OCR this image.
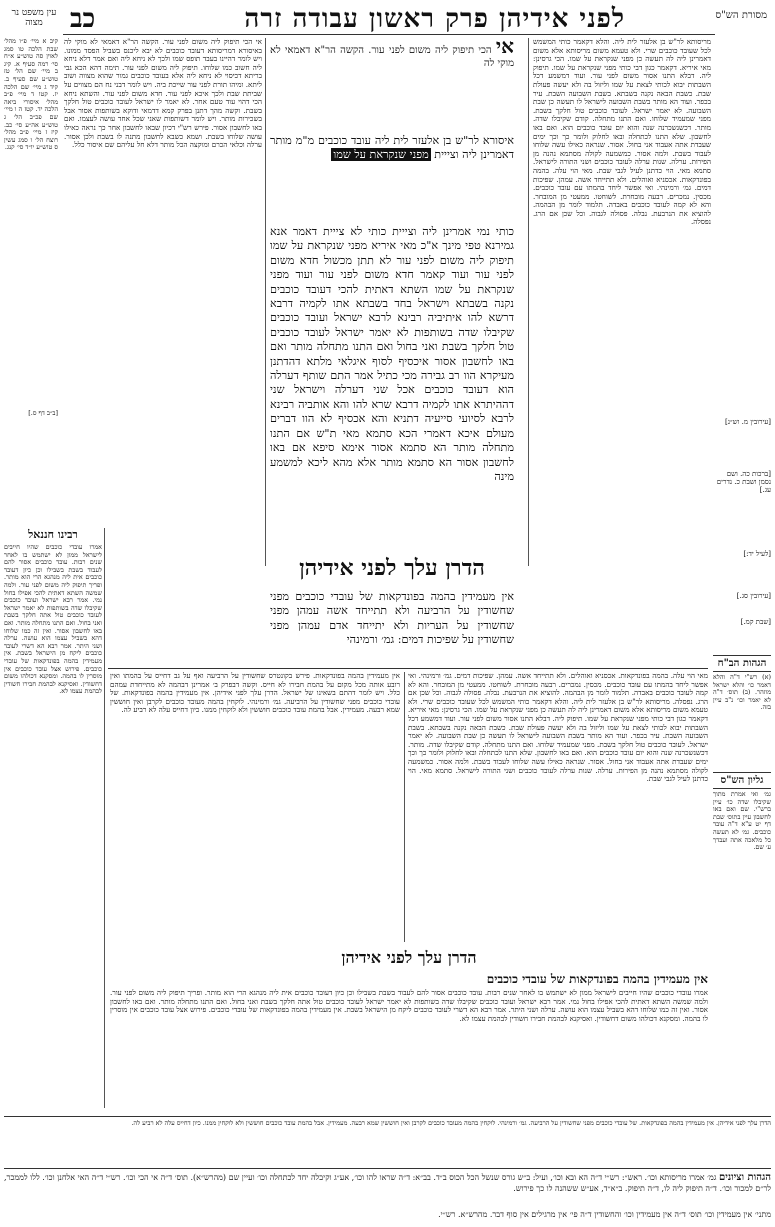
מסורת הש"ס
לפני אידיהן פרק ראשון עבודה זרה
כב
עין משפט נר מצוה
קיב א מיי׳ פ״ו מהל׳ שבת הלכה טו סמג לאוין סה טוש״ע א״ח סי׳ רמה סעיף א. קיג ב מיי׳ שם הל׳ טז טוש״ע שם סעיף ב. קיד ג מיי׳ שם הלכה יז. קטו ד מיי׳ פ״ב מהל׳ איסורי ביאה הלכה יד. קטז ה ו מיי׳ שם פכ״ב הל׳ ג טוש״ע אה״ע סי׳ כב. קיז ז מיי׳ פ״ב מהל׳ רוצח הל׳ ו סמג עשין ס טוש״ע יו״ד סי׳ קנג.
[ב״ב דף ס.]
[עירובין מ. וש״נ]
[ברכות כה. ושם נסמן ושבת כ. נדרים עג.]
[לעיל יד:]
[עירובין סג.]
[שבת קמ.]
הגהות הב"ח
(א) רש"י ד"ה והלא דאמר כו׳ והלא ישראל מוזהר. (ב) תוס׳ ד"ה לא יאמר וכו׳ נ"ב עיין בזה.
גליון הש"ס
גמ׳ ואי אמרת מתוך שקיבלו שדה כו׳ עיין ברש"י. שם ואם באו לחשבון עיין בתוס׳ שבת דף יט ע"א ד"ה עובד כוכבים. גמ׳ לא תעשה כל מלאכה אתה ועבדך ע׳ שם.
מריסותא לר"ש בן אלעזר לית ליה. והלא דקאמר כותי המשמש לכל שעובד כוכבים שרי. ולא טעמא משום מריסותא אלא משום דאמרינן ליה לה תעשה כן מפני שנקראת על שמו. הכי גרסינן: מאי איריא. דקאמר כגון דבי כותי מפני שנקראת על שמו. תיפוק ליה. דבלא התנו אסור משום לפני עור. ועוד דמשמע דכל השבתות יבוא לכותי לצאת על שמו וליזול בה ולא יעשה פעולת שבת. כשבת הבאה נקנה בשבתא. בשבת השבועה השבת. עיר בכפר. ועוד הא מותר בשבת השבועה לישראל לו תעשה כן שבת השבועה. לא יאמר ישראל. לעובד כוכבים טול חלקך בשבת. מפני שמעמיד שלוחו. ואם התנו מתחלה. קודם שקיבלו שדה. מותר. דכשנשכרנה שנה והוא יום עובד כוכבים הוא. ואם באו לחשבון. שלא התנו לכתחלה ובאו לחלוק ולומר כך וכך ימים שעבדת אתה אעבוד אני בחול. אסור. שנראה כאילו עשה שלוחו לעבוד בשבת. ולמה אסור. כמשמעה לקולה מסתמא נהנה מן הפירות. ערלה. שנות ערלה לעובד כוכבים ושני התורה לישראל. סתמא מאי. הוי כדתנן לעיל לגבי שבת. מאי הוי עלה. בהמה בפונדקאות. אכסניא ואוהלים. ולא תתייחד אשה. עמהן. שפיכות דמים. גמ׳ ורמינהי. ואי אפשר ליחד בהמתו עם עובד כוכבים. מכסין. נמכרים. רבעה מובחרת. לשוחטו. ממעטי מן המובחר. והא לא קמה לעובד כוכבים באבדה. תלמוד לומר מן הבהמה. להוציא את הנרבעת. נבלה. פסולה לגבוה. וכל שכן אם הרג. נפסלה.
אי הכי תיפוק ליה משום לפני עור. הקשה הר"א דאמאי לא מוקי לה באיסורא דמריסותא דעובד כוכבים לא יבא ליכנס בשביל הפסד ממונו. ויש לומר דהיינו בעבד תופס שמו ולכך לא ניחא ליה ואם אמר דלא ניחא ליה חשוב כמו שלוחו. תיפוק ליה משום לפני עור. תימה דהא הכא גבי בריתא דכיסוי לא ניחא ליה אלא בעובד כוכבים גמור שהוא מצווה ושוב ליתא. ומיהו תורת לפני עור שייכת ביה. ויש לומר דבני נח הם מצווים על שביתת שבת ולכך איכא לפני עור. חדא משום לפני עור. והשתא ניחא הכי דהוי עוד טעם אחר. לא יאמר לו ישראל לעובד כוכבים טול חלקך בשבת. וקשה מהך דתנן בפרק קמא דדמאי ודוקא בשותפות אסור אבל בשכירות מותר. ויש לומר דשותפות שאני שכל אחד עושה לעצמו. ואם באו לחשבון אסור. פירש רש"י דכיון שבאו לחשבון אחר כך נראה כאילו עושה שלוחו בשבת. ושמא כשבא לחשבון מתנה לו בשבת ולכן אסור. ערלה וכלאי הכרם ומוקצה הכל מותר דלא חל עליהם שם איסור כלל.
רבינו חננאל
אמרו עובדי כוכבים שהיו חייבים לישראל ממון לא ישתמש בו לאחר שנים רבות. עובד כוכבים אסור להם לעבוד בשבת בשבילו וכן כיון דעובד כוכבים אית ליה מנהגא הרי הוא מותר. ופריך תיפוק ליה משום לפני עור. ולמה שמשה השתא דאתית להכי אפילו בחול נמי. אמר רבא ישראל ועובד כוכבים שקיבלו שדה בשותפות לא יאמר ישראל לעובד כוכבים טול אתה חלקך בשבת ואני בחול. ואם התנו מתחלה מותר. ואם באו לחשבון אסור. ואין זה כמו שלוחו דהא בשביל עצמו הוא עושה. ערלה ושני היתר. אמר רבא הא דשרי לעובד כוכבים ליקח מן הישראל בשבת. אין מעמידין בהמה בפונדקאות של עובדי כוכבים. פירוש אצל עובד כוכבים אין מוסרין לו בהמה. ומסקנא דכולהו משום דחשודין. ואסיקנא לבהמת חבירו חשודין לבהמת עצמו לא.
אי הכי תיפוק ליה משום לפני עור. הקשה הר"א דאמאי לא מוקי לה
איסורא לר"ש בן אלעזר לית ליה עובד כוכבים מ"מ מותר דאמרינן ליה וצייית מפני שנקראת על שמו
כותי נמי אמרינן ליה וצייית כותי לא צייית דאמר אנא גמירנא טפי מינך א"כ מאי איריא מפני שנקראת על שמו תיפוק ליה משום לפני עור לא תתן מכשול חדא משום לפני עור ועוד קאמר חדא משום לפני עור ועוד מפני שנקראת על שמו השתא דאתית להכי דעובד כוכבים נקנה בשבתא וישראל בחד בשבתא אתו לקמיה דרבא דרשא להו איתיביה רבינא לרבא ישראל ועובד כוכבים שקיבלו שדה בשותפות לא יאמר ישראל לעובד כוכבים טול חלקך בשבת ואני בחול ואם התנו מתחלה מותר ואם באו לחשבון אסור איכסיף לסוף איגלאי מלתא דהדתנן מעיקרא הוו רב גבירה מכי כתיל אמר התם שותף דערלה הוא דעובד כוכבים אכל שני דערלה וישראל שני דההיתרא אתו לקמיה דרבא שרא להו והא אותביה רבינא לרבא לסיועי סייעיה דתניא והא אכסיף לא הוו דברים מעולם איכא דאמרי הכא סתמא מאי ת"ש אם התנו מתחלה מותר הא סתמא אסור אימא סיפא אם באו לחשבון אסור הא סתמא מותר אלא מהא ליכא למשמע מינה
הדרן עלך לפני אידיהן
אין מעמידין בהמה בפונדקאות של עובדי כוכבים מפני שחשודין על הרביעה ולא תתייחד אשה עמהן מפני שחשודין על העריות ולא יתייחד אדם עמהן מפני שחשודין על שפיכות דמים: גמ׳ ורמינהי
אין מעמידין בהמה בפונדקאות. פירש בקונטרס שחשודין על הרביעה ואף על גב דחייס על בהמתו ואין רובע אותה מכל מקום על בהמת חבירו לא חייס. וקשה דבפרק ב׳ אמרינן דבהמה לא מתייחדת עמהם כלל. ויש לומר דהתם בשאינו של ישראל. הדרן עלך לפני אידיהן. אין מעמידין בהמה בפונדקאות. של עובדי כוכבים מפני שחשודין על הרביעה. גמ׳ ורמינהי. לוקחין בהמה מעובד כוכבים לקרבן ואין חוששין שמא רבעה. מעמידין. אבל בהמת עובד כוכבים חוששין ולא לוקחין ממנו. כיון דחייס עלה לא רביע לה.
מאי הוי עלה. בהמה בפונדקאות. אכסניא ואוהלים. ולא תתייחד אשה. עמהן. שפיכות דמים. גמ׳ ורמינהי. ואי אפשר ליחד בהמתו עם עובד כוכבים. מכסין. נמכרים. רבעה מובחרת. לשוחטו. ממעטי מן המובחר. והא לא קמה לעובד כוכבים באבדה. תלמוד לומר מן הבהמה. להוציא את הנרבעת. נבלה. פסולה לגבוה. וכל שכן אם הרג. נפסלה. מריסותא לר"ש בן אלעזר לית ליה. והלא דקאמר כותי המשמש לכל שעובד כוכבים שרי. ולא טעמא משום מריסותא אלא משום דאמרינן ליה לה תעשה כן מפני שנקראת על שמו. הכי גרסינן: מאי איריא. דקאמר כגון דבי כותי מפני שנקראת על שמו. תיפוק ליה. דבלא התנו אסור משום לפני עור. ועוד דמשמע דכל השבתות יבוא לכותי לצאת על שמו וליזול בה ולא יעשה פעולת שבת. כשבת הבאה נקנה בשבתא. בשבת השבועה השבת. עיר בכפר. ועוד הא מותר בשבת השבועה לישראל לו תעשה כן שבת השבועה. לא יאמר ישראל. לעובד כוכבים טול חלקך בשבת. מפני שמעמיד שלוחו. ואם התנו מתחלה. קודם שקיבלו שדה. מותר. דכשנשכרנה שנה והוא יום עובד כוכבים הוא. ואם באו לחשבון. שלא התנו לכתחלה ובאו לחלוק ולומר כך וכך ימים שעבדת אתה אעבוד אני בחול. אסור. שנראה כאילו עשה שלוחו לעבוד בשבת. ולמה אסור. כמשמעה לקולה מסתמא נהנה מן הפירות. ערלה. שנות ערלה לעובד כוכבים ושני התורה לישראל. סתמא מאי. הוי כדתנן לעיל לגבי שבת.
הדרן עלך לפני אידיהן
אין מעמידין בהמה בפונדקאות של עובדי כוכבים
אמרו עובדי כוכבים שהיו חייבים לישראל ממון לא ישתמש בו לאחר שנים רבות. עובד כוכבים אסור להם לעבוד בשבת בשבילו וכן כיון דעובד כוכבים אית ליה מנהגא הרי הוא מותר. ופריך תיפוק ליה משום לפני עור. ולמה שמשה השתא דאתית להכי אפילו בחול נמי. אמר רבא ישראל ועובד כוכבים שקיבלו שדה בשותפות לא יאמר ישראל לעובד כוכבים טול אתה חלקך בשבת ואני בחול. ואם התנו מתחלה מותר. ואם באו לחשבון אסור. ואין זה כמו שלוחו דהא בשביל עצמו הוא עושה. ערלה ושני היתר. אמר רבא הא דשרי לעובד כוכבים ליקח מן הישראל בשבת. אין מעמידין בהמה בפונדקאות של עובדי כוכבים. פירוש אצל עובד כוכבים אין מוסרין לו בהמה. ומסקנא דכולהו משום דחשודין. ואסיקנא לבהמת חבירו חשודין לבהמת עצמו לא.
הדרן עלך לפני אידיהן. אין מעמידין בהמה בפונדקאות. של עובדי כוכבים מפני שחשודין על הרביעה. גמ׳ ורמינהי. לוקחין בהמה מעובד כוכבים לקרבן ואין חוששין שמא רבעה. מעמידין. אבל בהמת עובד כוכבים חוששין ולא לוקחין ממנו. כיון דחייס עלה לא רביע לה.
הגהות וציונים גמ׳ אמרו מריסותא וכו׳. ראש״: רש״י ד״ה הא ובא וכו׳, ועיל: ב״ש גורס שנשל הכל הכוס ב״ד. בב״א: ד״ה שראו להו וכו׳, אע״ג וקיבלה יחד לכתחלה וכו׳ ועיין שם (מהרש״א). תוס׳ ד״ה אי הכי וכו׳. רש״י ד״ה האי אלחנן וכו׳. ללו לממכר, לר״ם למכור וכו׳. ד״ה תיפוק ליה לו, ד״ה תיפוק. ב״א״ד, אע״ש ששהנה לו כך פירוש.
מתני׳ אין מעמידין וכו׳ תוס׳ ד״ה אין מעמידין וכו׳ והחשודין ד״ה פי׳ אין מרגילים אין סוף דבר. מהרש״א. רש״י.
